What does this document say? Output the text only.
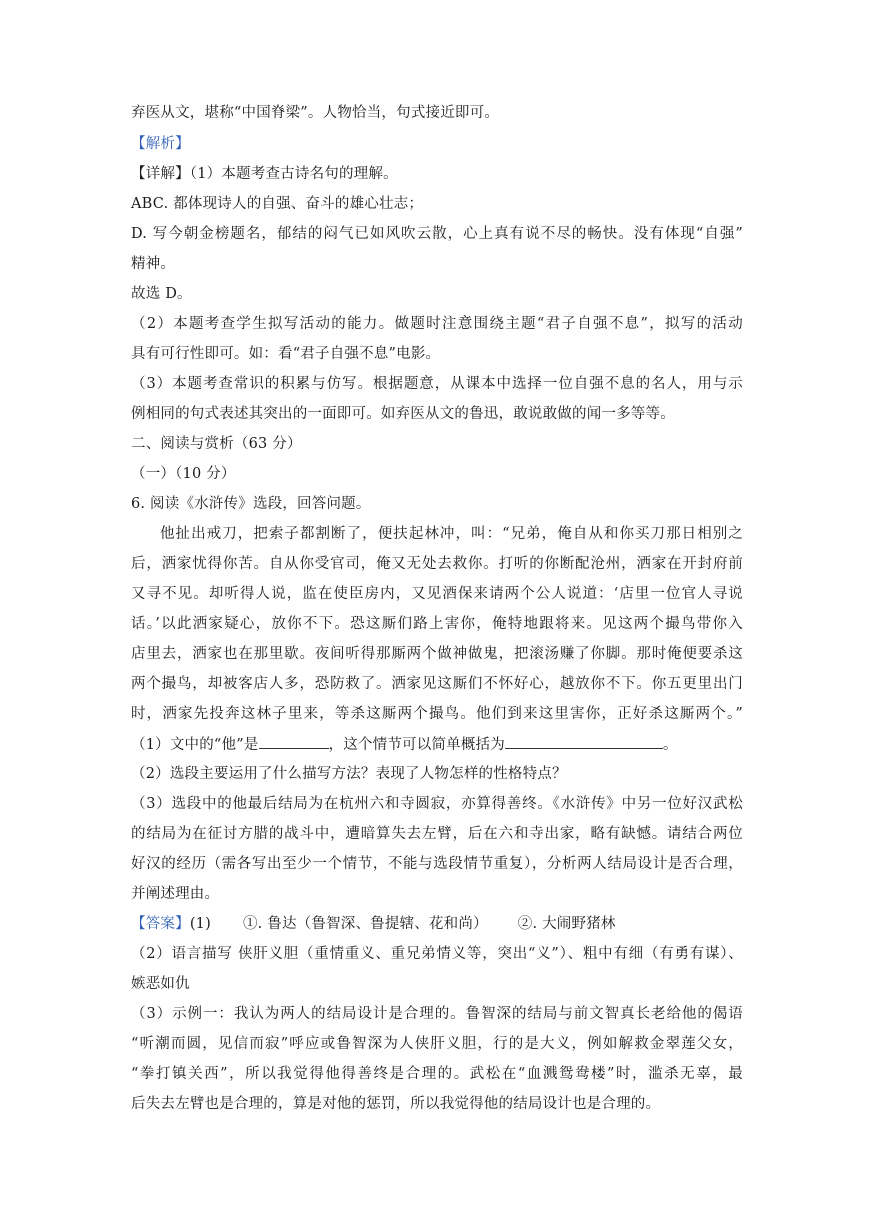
弃医从文，堪称“中国脊梁”。人物恰当，句式接近即可。
【解析】
【详解】（1）本题考查古诗名句的理解。
ABC. 都体现诗人的自强、奋斗的雄心壮志；
D. 写今朝金榜题名，郁结的闷气已如风吹云散，心上真有说不尽的畅快。没有体现“自强”
精神。
故选 D。
（2）本题考查学生拟写活动的能力。做题时注意围绕主题“君子自强不息”，拟写的活动
具有可行性即可。如：看“君子自强不息”电影。
（3）本题考查常识的积累与仿写。根据题意，从课本中选择一位自强不息的名人，用与示
例相同的句式表述其突出的一面即可。如弃医从文的鲁迅，敢说敢做的闻一多等等。
二、阅读与赏析（63 分）
（一）（10 分）
6. 阅读《水浒传》选段，回答问题。
他扯出戒刀，把索子都割断了，便扶起林冲，叫：“兄弟，俺自从和你买刀那日相别之
后，洒家忧得你苦。自从你受官司，俺又无处去救你。打听的你断配沧州，洒家在开封府前
又寻不见。却听得人说，监在使臣房内，又见酒保来请两个公人说道：‘店里一位官人寻说
话。’以此洒家疑心，放你不下。恐这厮们路上害你，俺特地跟将来。见这两个撮鸟带你入
店里去，洒家也在那里歇。夜间听得那厮两个做神做鬼，把滚汤赚了你脚。那时俺便要杀这
两个撮鸟，却被客店人多，恐防救了。洒家见这厮们不怀好心，越放你不下。你五更里出门
时，洒家先投奔这林子里来，等杀这厮两个撮鸟。他们到来这里害你，正好杀这厮两个。”
（1）文中的“他”是	，这个情节可以简单概括为	。
（2）选段主要运用了什么描写方法？表现了人物怎样的性格特点？
（3）选段中的他最后结局为在杭州六和寺圆寂，亦算得善终。《水浒传》中另一位好汉武松
的结局为在征讨方腊的战斗中，遭暗算失去左臂，后在六和寺出家，略有缺憾。请结合两位
好汉的经历（需各写出至少一个情节，不能与选段情节重复），分析两人结局设计是否合理，
并阐述理由。
【答案】(1) ①. 鲁达（鲁智深、鲁提辖、花和尚） ②. 大闹野猪林
（2）语言描写 侠肝义胆（重情重义、重兄弟情义等，突出“义”）、粗中有细（有勇有谋）、
嫉恶如仇
（3）示例一：我认为两人的结局设计是合理的。鲁智深的结局与前文智真长老给他的偈语
“听潮而圆，见信而寂”呼应或鲁智深为人侠肝义胆，行的是大义，例如解救金翠莲父女，
“拳打镇关西”，所以我觉得他得善终是合理的。武松在“血溅鸳鸯楼”时，滥杀无辜，最
后失去左臂也是合理的，算是对他的惩罚，所以我觉得他的结局设计也是合理的。
